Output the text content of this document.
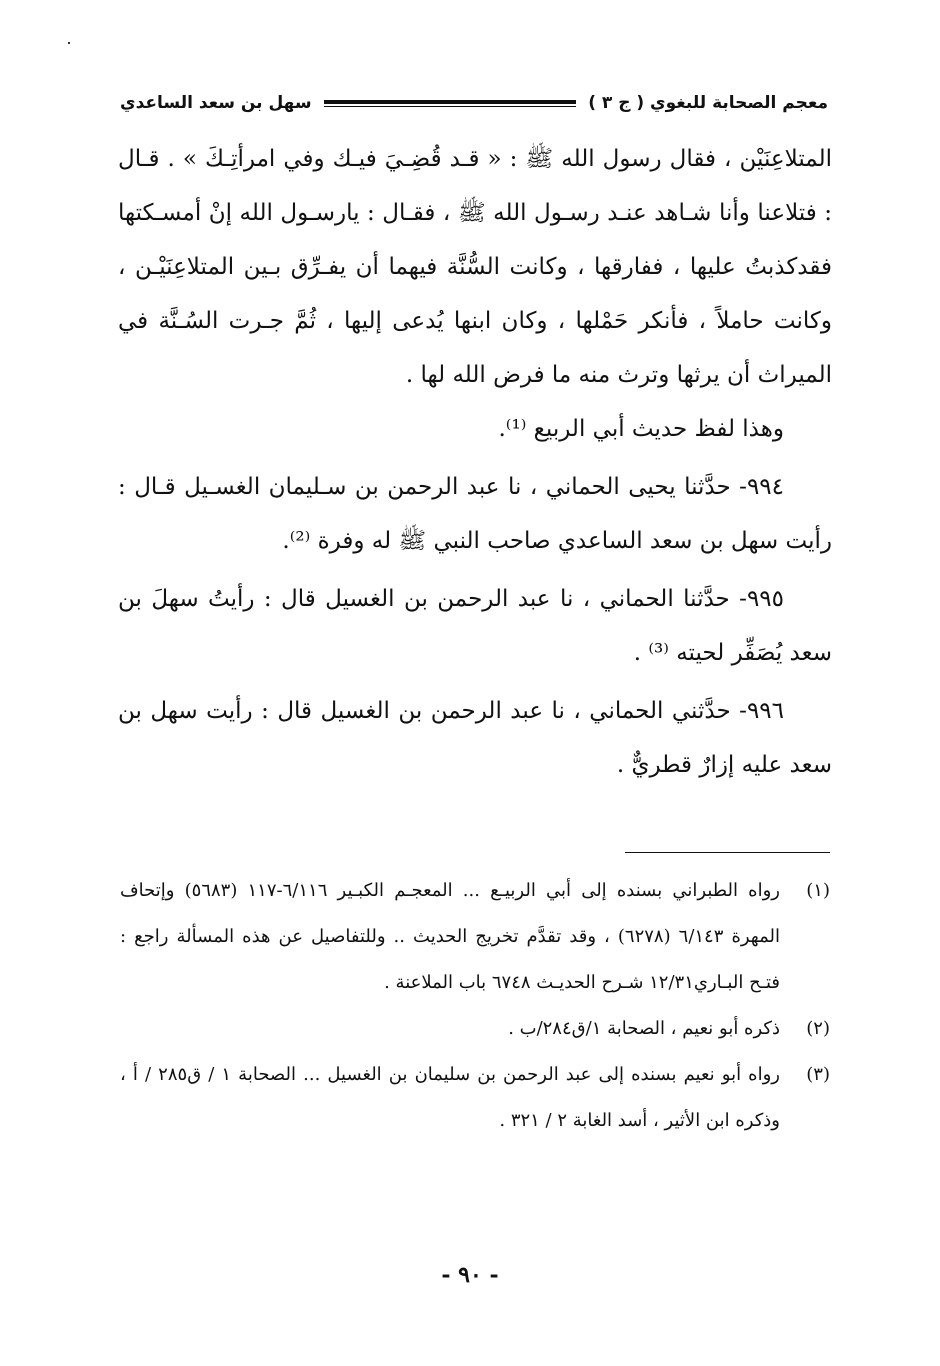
معجم الصحابة للبغوي ( ج ٣ )
سهل بن سعد الساعدي

المتلاعِنَيْن ، فقال رسول الله ﷺ : « قـد قُضِـيَ فيـك وفي امرأتِـكَ » . قـال : فتلاعنا وأنا شـاهد عنـد رسـول الله ﷺ ، فقـال : يارسـول الله إنْ أمسـكتها فقدكذبتُ عليها ، ففارقها ، وكانت السُّنَّة فيهما أن يفـرِّق بـين المتلاعِنَيْـن ، وكانت حاملاً ، فأنكر حَمْلها ، وكان ابنها يُدعى إليها ، ثُمَّ جـرت السُـنَّة في الميراث أن يرثها وترث منه ما فرض الله لها .

وهذا لفظ حديث أبي الربيع ⁽¹⁾.

٩٩٤- حدَّثنا يحيى الحماني ، نا عبد الرحمن بن سـليمان الغسـيل قـال : رأيت سهل بن سعد الساعدي صاحب النبي ﷺ له وفرة ⁽²⁾.

٩٩٥- حدَّثنا الحماني ، نا عبد الرحمن بن الغسيل قال : رأيتُ سهلَ بن سعد يُصَفِّر لحيته ⁽³⁾ .

٩٩٦- حدَّثني الحماني ، نا عبد الرحمن بن الغسيل قال : رأيت سهل بن سعد عليه إزارٌ قطريٌّ .

(١)
رواه الطبراني بسنده إلى أبي الربيـع ... المعجـم الكبـير ٦/١١٦-١١٧ (٥٦٨٣) وإتحاف المهرة ٦/١٤٣ (٦٢٧٨) ، وقد تقدَّم تخريج الحديث .. وللتفاصيل عن هذه المسألة راجع : فتـح البـاري١٢/٣١ شـرح الحديـث ٦٧٤٨ باب الملاعنة .
(٢)
ذكره أبو نعيم ، الصحابة ١/ق٢٨٤/ب .
(٣)
رواه أبو نعيم بسنده إلى عبد الرحمن بن سليمان بن الغسيل ... الصحابة ١ / ق٢٨٥ / أ ، وذكره ابن الأثير ، أسد الغابة ٢ / ٣٢١ .
- ٩٠ -
